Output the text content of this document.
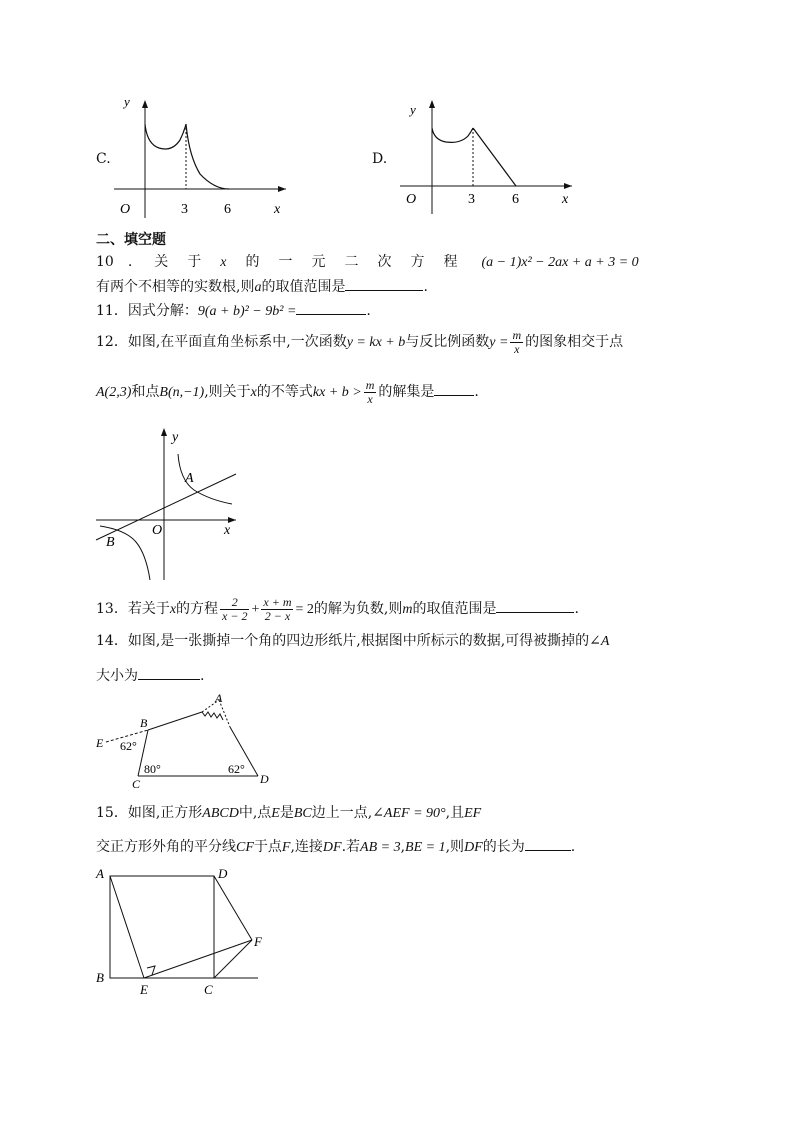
C.
y
O	3	6	x
D.
y
O	3	6	x
二、填空题
10 . 关 于 x 的 一 元 二 次 方 程 (a − 1)x² − 2ax + a + 3 = 0
有两个不相等的实数根,则a的取值范围是	.
11．因式分解：9(a + b)² − 9b² =	.
12．如图,在平面直角坐标系中,一次函数y = kx + b与反比例函数$y = \frac{m}{x}$ 的图象相交于点
A(2,3)和点B(n,−1),则关于x的不等式kx + $b > \frac{m}{x}$ 的解集是	.
y
x
O
A
B
13．若关于x的方程 $\frac{2}{x - 2} + \frac{x + m}{2 - x} = 2$的解为负数,则m的取值范围是	.
14．如图,是一张撕掉一个角的四边形纸片,根据图中所标示的数据,可得被撕掉的∠A
大小为	.
A
B
C	D
E 62°
80°	62°
15．如图,正方形ABCD中,点E是BC边上一点,∠AEF = 90°,且EF
交正方形外角的平分线CF于点F,连接DF.若AB = 3,BE = 1,则DF的长为	.
A
B
C
D
E
F
